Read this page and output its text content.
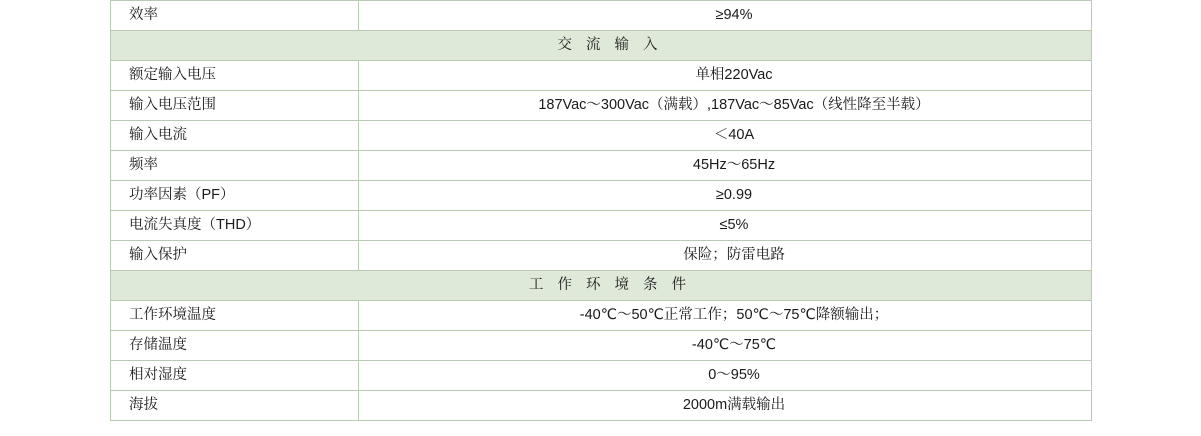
效率	≥94%
交 流 输 入	
额定输入电压	单相220Vac
输入电压范围	187Vac～300Vac（满载）,187Vac～85Vac（线性降至半载）
输入电流	＜40A
频率	45Hz～65Hz
功率因素（PF）	≥0.99
电流失真度（THD）	≤5%
输入保护	保险；防雷电路
工 作 环 境 条 件	
工作环境温度	-40℃～50℃正常工作；50℃～75℃降额输出；
存储温度	-40℃～75℃
相对湿度	0～95%
海拔	2000m满载输出
